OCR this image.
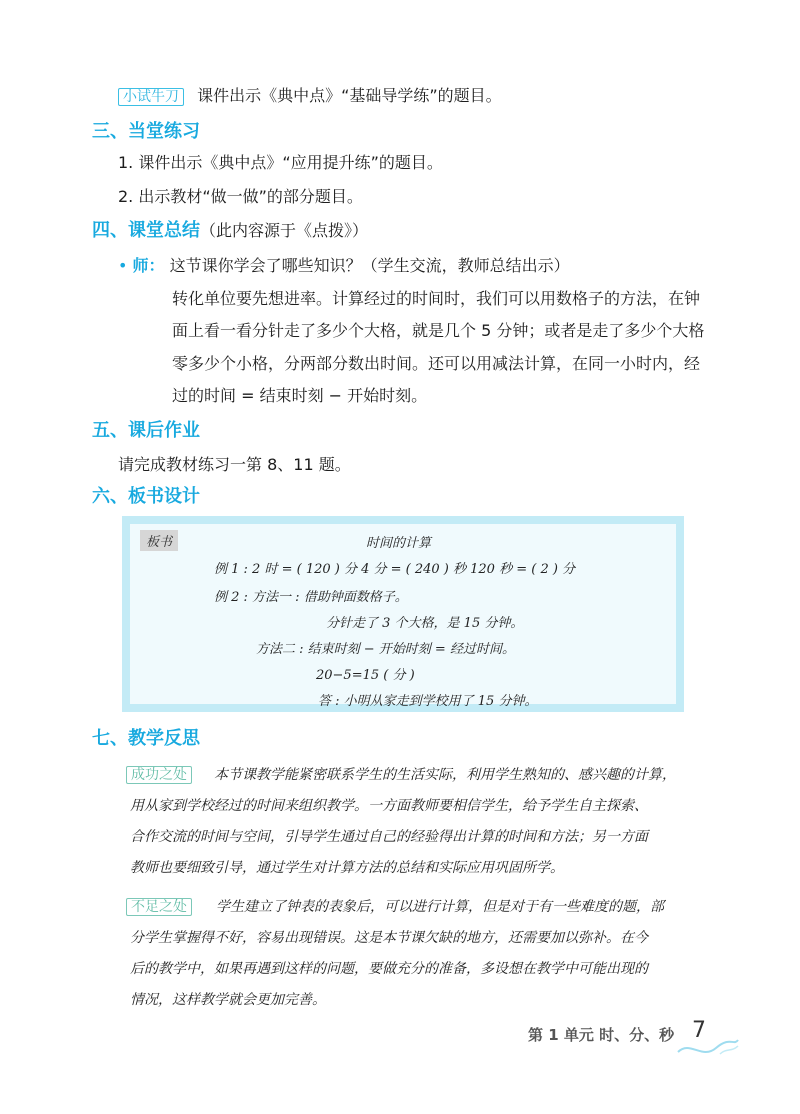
小试牛刀 课件出示《典中点》“基础导学练”的题目。
三、当堂练习
1. 课件出示《典中点》“应用提升练”的题目。
2. 出示教材“做一做”的部分题目。
四、课堂总结（此内容源于《点拨》）
• 师： 这节课你学会了哪些知识？（学生交流，教师总结出示）
转化单位要先想进率。计算经过的时间时，我们可以用数格子的方法，在钟
面上看一看分针走了多少个大格，就是几个 5 分钟；或者是走了多少个大格
零多少个小格，分两部分数出时间。还可以用减法计算，在同一小时内，经
过的时间 = 结束时刻 − 开始时刻。
五、课后作业
请完成教材练习一第 8、11 题。
六、板书设计
板书	时间的计算
例 1 : 2 时 = ( 120 ) 分 4 分 = ( 240 ) 秒 120 秒 = ( 2 ) 分
例 2 : 方法一 : 借助钟面数格子。
分针走了 3 个大格，是 15 分钟。
方法二 : 结束时刻 − 开始时刻 = 经过时间。
20−5=15 ( 分 )
答 : 小明从家走到学校用了 15 分钟。
七、教学反思
成功之处	本节课教学能紧密联系学生的生活实际，利用学生熟知的、感兴趣的计算，
用从家到学校经过的时间来组织教学。一方面教师要相信学生，给予学生自主探索、
合作交流的时间与空间，引导学生通过自己的经验得出计算的时间和方法；另一方面
教师也要细致引导，通过学生对计算方法的总结和实际应用巩固所学。
不足之处	学生建立了钟表的表象后，可以进行计算，但是对于有一些难度的题，部
分学生掌握得不好，容易出现错误。这是本节课欠缺的地方，还需要加以弥补。在今
后的教学中，如果再遇到这样的问题，要做充分的准备，多设想在教学中可能出现的
情况，这样教学就会更加完善。
第 1 单元 时、分、秒 7
